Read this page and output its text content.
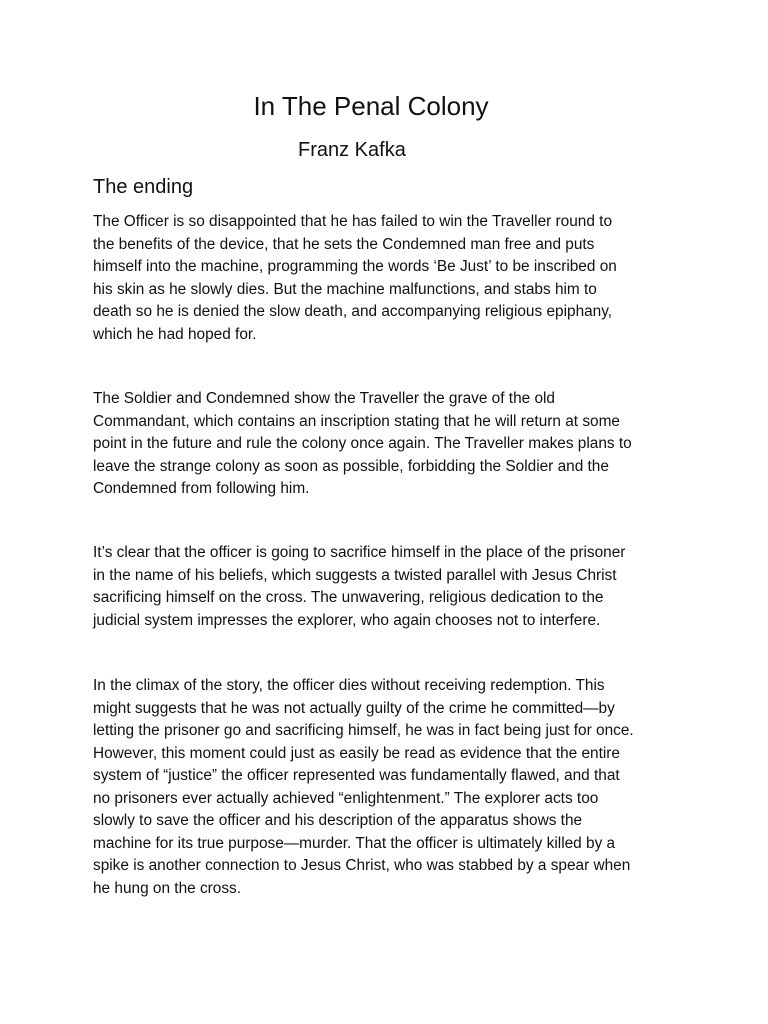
In The Penal Colony
Franz Kafka
The ending

The Officer is so disappointed that he has failed to win the Traveller round to
the benefits of the device, that he sets the Condemned man free and puts
himself into the machine, programming the words ‘Be Just’ to be inscribed on
his skin as he slowly dies. But the machine malfunctions, and stabs him to
death so he is denied the slow death, and accompanying religious epiphany,
which he had hoped for.

The Soldier and Condemned show the Traveller the grave of the old
Commandant, which contains an inscription stating that he will return at some
point in the future and rule the colony once again. The Traveller makes plans to
leave the strange colony as soon as possible, forbidding the Soldier and the
Condemned from following him.

It’s clear that the officer is going to sacrifice himself in the place of the prisoner
in the name of his beliefs, which suggests a twisted parallel with Jesus Christ
sacrificing himself on the cross. The unwavering, religious dedication to the
judicial system impresses the explorer, who again chooses not to interfere.

In the climax of the story, the officer dies without receiving redemption. This
might suggests that he was not actually guilty of the crime he committed—by
letting the prisoner go and sacrificing himself, he was in fact being just for once.
However, this moment could just as easily be read as evidence that the entire
system of “justice” the officer represented was fundamentally flawed, and that
no prisoners ever actually achieved “enlightenment.” The explorer acts too
slowly to save the officer and his description of the apparatus shows the
machine for its true purpose—murder. That the officer is ultimately killed by a
spike is another connection to Jesus Christ, who was stabbed by a spear when
he hung on the cross.
